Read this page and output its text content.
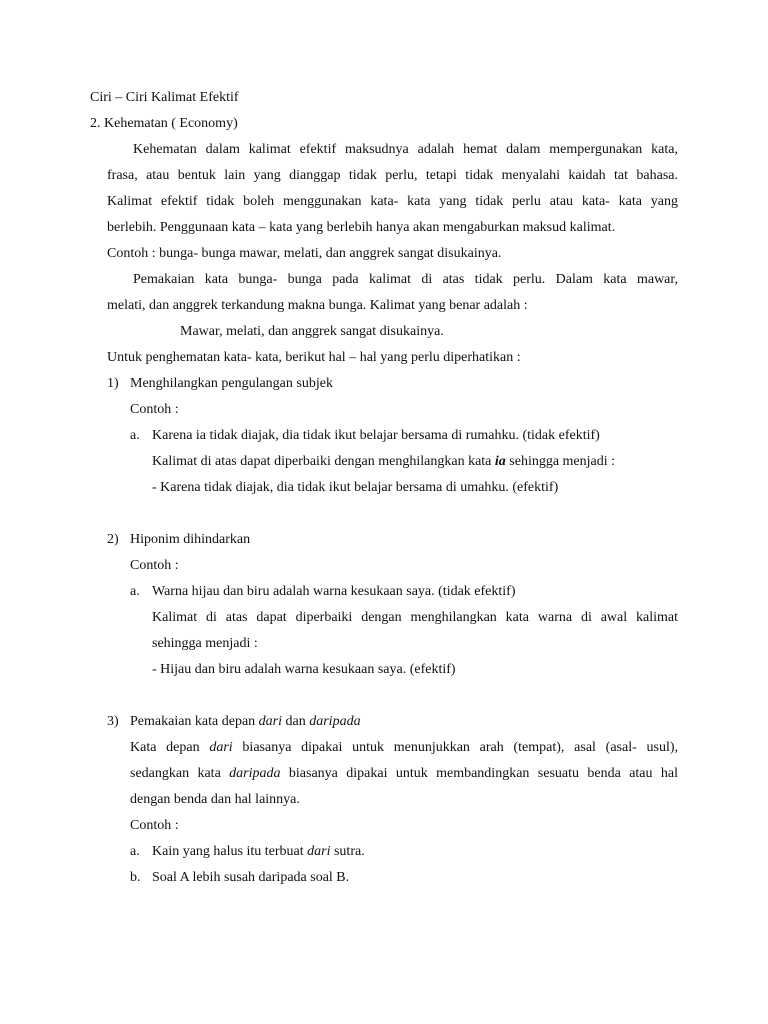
Ciri – Ciri Kalimat Efektif
2. Kehematan ( Economy)
Kehematan dalam kalimat efektif maksudnya adalah hemat dalam mempergunakan kata,
frasa, atau bentuk lain yang dianggap tidak perlu, tetapi tidak menyalahi kaidah tat bahasa.
Kalimat efektif tidak boleh menggunakan kata- kata yang tidak perlu atau kata- kata yang
berlebih. Penggunaan kata – kata yang berlebih hanya akan mengaburkan maksud kalimat.
Contoh : bunga- bunga mawar, melati, dan anggrek sangat disukainya.
Pemakaian kata bunga- bunga pada kalimat di atas tidak perlu. Dalam kata mawar,
melati, dan anggrek terkandung makna bunga. Kalimat yang benar adalah :
Mawar, melati, dan anggrek sangat disukainya.
Untuk penghematan kata- kata, berikut hal – hal yang perlu diperhatikan :
1) Menghilangkan pengulangan subjek
Contoh :
a. Karena ia tidak diajak, dia tidak ikut belajar bersama di rumahku. (tidak efektif)
Kalimat di atas dapat diperbaiki dengan menghilangkan kata ia sehingga menjadi :
- Karena tidak diajak, dia tidak ikut belajar bersama di umahku. (efektif)
2) Hiponim dihindarkan
Contoh :
a. Warna hijau dan biru adalah warna kesukaan saya. (tidak efektif)
Kalimat di atas dapat diperbaiki dengan menghilangkan kata warna di awal kalimat
sehingga menjadi :
- Hijau dan biru adalah warna kesukaan saya. (efektif)
3) Pemakaian kata depan dari dan daripada
Kata depan dari biasanya dipakai untuk menunjukkan arah (tempat), asal (asal- usul),
sedangkan kata daripada biasanya dipakai untuk membandingkan sesuatu benda atau hal
dengan benda dan hal lainnya.
Contoh :
a. Kain yang halus itu terbuat dari sutra.
b. Soal A lebih susah daripada soal B.
